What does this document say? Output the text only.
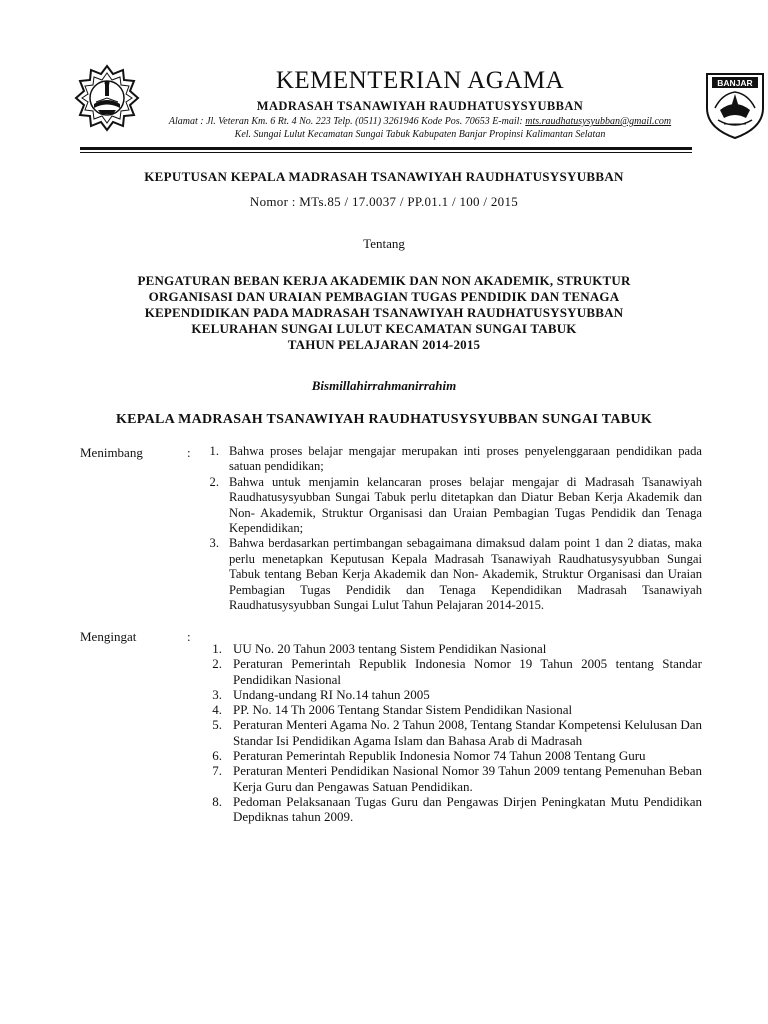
KEMENTERIAN AGAMA
MADRASAH TSANAWIYAH RAUDHATUSYSYUBBAN
Alamat : Jl. Veteran Km. 6 Rt. 4 No. 223 Telp. (0511) 3261946 Kode Pos. 70653 E-mail: mts.raudhatusysyubban@gmail.com
Kel. Sungai Lulut Kecamatan Sungai Tabuk Kabupaten Banjar Propinsi Kalimantan Selatan
BANJAR
KEPUTUSAN KEPALA MADRASAH TSANAWIYAH RAUDHATUSYSYUBBAN
Nomor : MTs.85 / 17.0037 / PP.01.1 / 100 / 2015
Tentang
PENGATURAN BEBAN KERJA AKADEMIK DAN NON AKADEMIK, STRUKTUR
ORGANISASI DAN URAIAN PEMBAGIAN TUGAS PENDIDIK DAN TENAGA
KEPENDIDIKAN PADA MADRASAH TSANAWIYAH RAUDHATUSYSYUBBAN
KELURAHAN SUNGAI LULUT KECAMATAN SUNGAI TABUK
TAHUN PELAJARAN 2014-2015
Bismillahirrahmanirrahim
KEPALA MADRASAH TSANAWIYAH RAUDHATUSYSYUBBAN SUNGAI TABUK
Menimbang	:	1. Bahwa proses belajar mengajar merupakan inti proses penyelenggaraan pendidikan pada satuan pendidikan;
2. Bahwa untuk menjamin kelancaran proses belajar mengajar di Madrasah Tsanawiyah Raudhatusysyubban Sungai Tabuk perlu ditetapkan dan Diatur Beban Kerja Akademik dan Non- Akademik, Struktur Organisasi dan Uraian Pembagian Tugas Pendidik dan Tenaga Kependidikan;
3. Bahwa berdasarkan pertimbangan sebagaimana dimaksud dalam point 1 dan 2 diatas, maka perlu menetapkan Keputusan Kepala Madrasah Tsanawiyah Raudhatusysyubban Sungai Tabuk tentang Beban Kerja Akademik dan Non- Akademik, Struktur Organisasi dan Uraian Pembagian Tugas Pendidik dan Tenaga Kependidikan Madrasah Tsanawiyah Raudhatusysyubban Sungai Lulut Tahun Pelajaran 2014-2015.
Mengingat	:
1. UU No. 20 Tahun 2003 tentang Sistem Pendidikan Nasional
2. Peraturan Pemerintah Republik Indonesia Nomor 19 Tahun 2005 tentang Standar Pendidikan Nasional
3. Undang-undang RI No.14 tahun 2005
4. PP. No. 14 Th 2006 Tentang Standar Sistem Pendidikan Nasional
5. Peraturan Menteri Agama No. 2 Tahun 2008, Tentang Standar Kompetensi Kelulusan Dan Standar Isi Pendidikan Agama Islam dan Bahasa Arab di Madrasah
6. Peraturan Pemerintah Republik Indonesia Nomor 74 Tahun 2008 Tentang Guru
7. Peraturan Menteri Pendidikan Nasional Nomor 39 Tahun 2009 tentang Pemenuhan Beban Kerja Guru dan Pengawas Satuan Pendidikan.
8. Pedoman Pelaksanaan Tugas Guru dan Pengawas Dirjen Peningkatan Mutu Pendidikan Depdiknas tahun 2009.
